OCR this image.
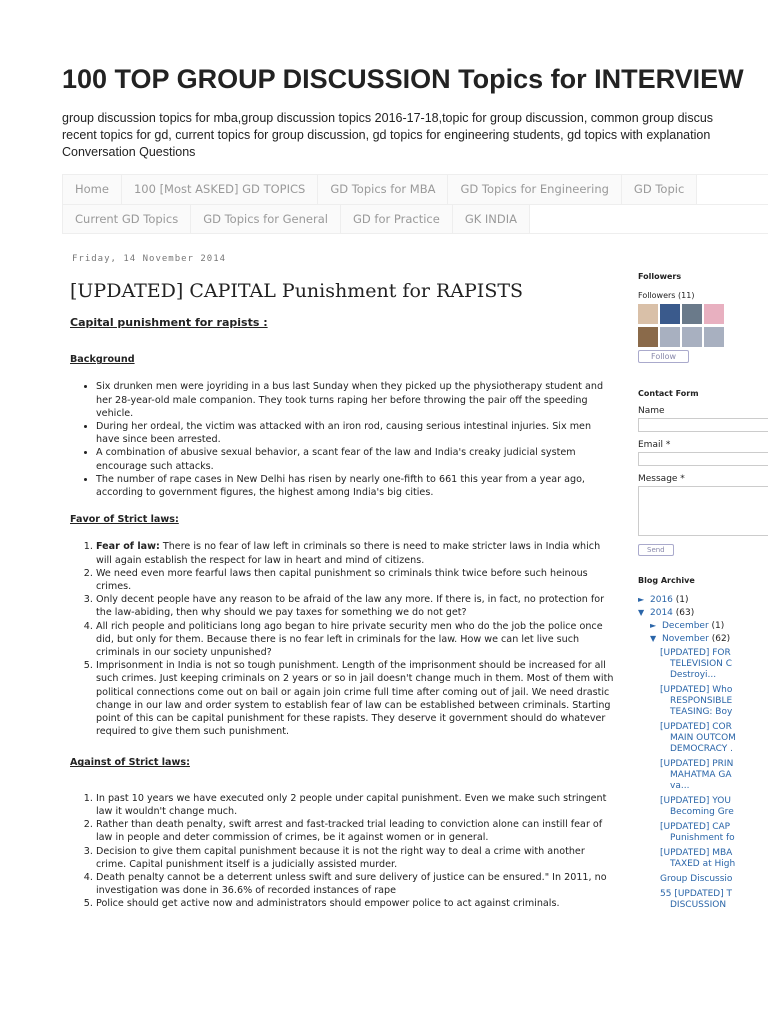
100 TOP GROUP DISCUSSION Topics for INTERVIEW
group discussion topics for mba,group discussion topics 2016-17-18,topic for group discussion, common group discus
recent topics for gd, current topics for group discussion, gd topics for engineering students, gd topics with explanation
Conversation Questions
Home	100 [Most ASKED] GD TOPICS	GD Topics for MBA	GD Topics for Engineering	GD Topic
Current GD Topics	GD Topics for General	GD for Practice	GK INDIA
Friday, 14 November 2014
[UPDATED] CAPITAL Punishment for RAPISTS
Capital punishment for rapists :
Background
• Six drunken men were joyriding in a bus last Sunday when they picked up the physiotherapy student and her 28-year-old male companion. They took turns raping her before throwing the pair off the speeding vehicle.
• During her ordeal, the victim was attacked with an iron rod, causing serious intestinal injuries. Six men have since been arrested.
• A combination of abusive sexual behavior, a scant fear of the law and India's creaky judicial system encourage such attacks.
• The number of rape cases in New Delhi has risen by nearly one-fifth to 661 this year from a year ago, according to government figures, the highest among India's big cities.
Favor of Strict laws:
1. Fear of law: There is no fear of law left in criminals so there is need to make stricter laws in India which will again establish the respect for law in heart and mind of citizens.
2. We need even more fearful laws then capital punishment so criminals think twice before such heinous crimes.
3. Only decent people have any reason to be afraid of the law any more. If there is, in fact, no protection for the law-abiding, then why should we pay taxes for something we do not get?
4. All rich people and politicians long ago began to hire private security men who do the job the police once did, but only for them. Because there is no fear left in criminals for the law. How we can let live such criminals in our society unpunished?
5. Imprisonment in India is not so tough punishment. Length of the imprisonment should be increased for all such crimes. Just keeping criminals on 2 years or so in jail doesn't change much in them. Most of them with political connections come out on bail or again join crime full time after coming out of jail. We need drastic change in our law and order system to establish fear of law can be established between criminals. Starting point of this can be capital punishment for these rapists. They deserve it government should do whatever required to give them such punishment.
Against of Strict laws:
1. In past 10 years we have executed only 2 people under capital punishment. Even we make such stringent law it wouldn't change much.
2. Rather than death penalty, swift arrest and fast-tracked trial leading to conviction alone can instill fear of law in people and deter commission of crimes, be it against women or in general.
3. Decision to give them capital punishment because it is not the right way to deal a crime with another crime. Capital punishment itself is a judicially assisted murder.
4. Death penalty cannot be a deterrent unless swift and sure delivery of justice can be ensured." In 2011, no investigation was done in 36.6% of recorded instances of rape
5. Police should get active now and administrators should empower police to act against criminals.
Followers
Followers (11)

Follow
Contact Form
Name
Email *
Message *
Send
Blog Archive
► 2016 (1)
▼ 2014 (63)
► December (1)
▼ November (62)
[UPDATED] FOR
TELEVISION C
Destroyi...
[UPDATED] Who
RESPONSIBLE
TEASING: Boy
[UPDATED] COR
MAIN OUTCOM
DEMOCRACY .
[UPDATED] PRIN
MAHATMA GA
va...
[UPDATED] YOU
Becoming Gre
[UPDATED] CAP
Punishment fo
[UPDATED] MBA
TAXED at High
Group Discussio
55 [UPDATED] T
DISCUSSION
